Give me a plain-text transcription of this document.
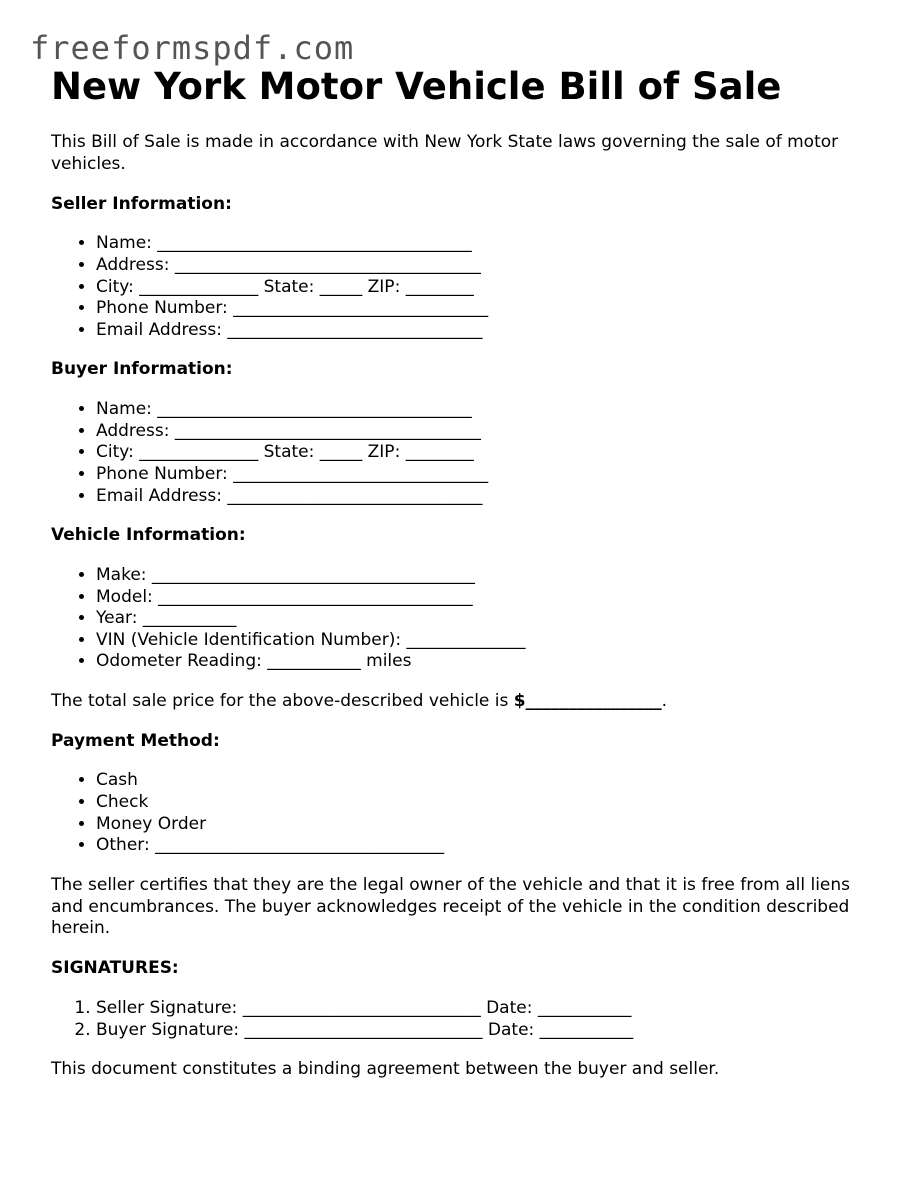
freeformspdf.com
New York Motor Vehicle Bill of Sale

This Bill of Sale is made in accordance with New York State laws governing the sale of motor vehicles.

Seller Information:

• Name: _____________________________________
• Address: ____________________________________
• City: ______________ State: _____ ZIP: ________
• Phone Number: ______________________________
• Email Address: ______________________________

Buyer Information:

• Name: _____________________________________
• Address: ____________________________________
• City: ______________ State: _____ ZIP: ________
• Phone Number: ______________________________
• Email Address: ______________________________

Vehicle Information:

• Make: ______________________________________
• Model: _____________________________________
• Year: ___________
• VIN (Vehicle Identification Number): ______________
• Odometer Reading: ___________ miles

The total sale price for the above-described vehicle is $________________.

Payment Method:

• Cash
• Check
• Money Order
• Other: __________________________________

The seller certifies that they are the legal owner of the vehicle and that it is free from all liens and encumbrances. The buyer acknowledges receipt of the vehicle in the condition described herein.

SIGNATURES:

1. Seller Signature: ____________________________ Date: ___________
2. Buyer Signature: ____________________________ Date: ___________

This document constitutes a binding agreement between the buyer and seller.
